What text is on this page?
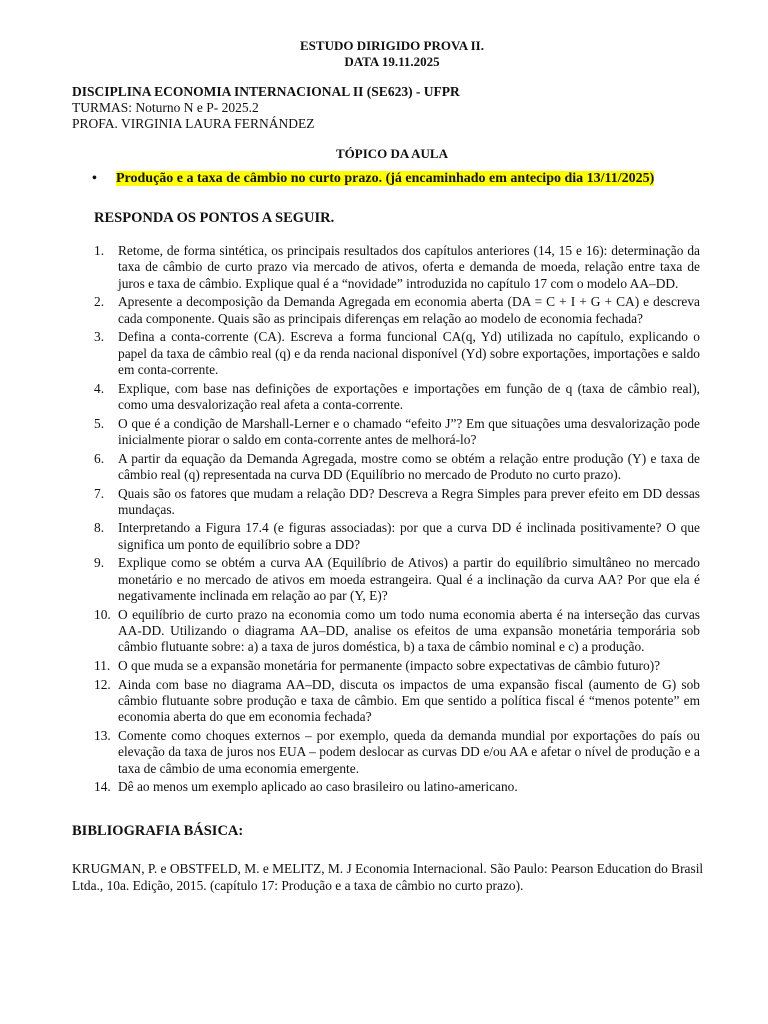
ESTUDO DIRIGIDO PROVA II.
DATA 19.11.2025
DISCIPLINA ECONOMIA INTERNACIONAL II (SE623) - UFPR
TURMAS: Noturno N e P- 2025.2
PROFA. VIRGINIA LAURA FERNÁNDEZ
TÓPICO DA AULA
• Produção e a taxa de câmbio no curto prazo. (já encaminhado em antecipo dia 13/11/2025)
RESPONDA OS PONTOS A SEGUIR.
1. Retome, de forma sintética, os principais resultados dos capítulos anteriores (14, 15 e 16): determinação da taxa de câmbio de curto prazo via mercado de ativos, oferta e demanda de moeda, relação entre taxa de juros e taxa de câmbio. Explique qual é a “novidade” introduzida no capítulo 17 com o modelo AA–DD.
2. Apresente a decomposição da Demanda Agregada em economia aberta (DA = C + I + G + CA) e descreva cada componente. Quais são as principais diferenças em relação ao modelo de economia fechada?
3. Defina a conta-corrente (CA). Escreva a forma funcional CA(q, Yd) utilizada no capítulo, explicando o papel da taxa de câmbio real (q) e da renda nacional disponível (Yd) sobre exportações, importações e saldo em conta-corrente.
4. Explique, com base nas definições de exportações e importações em função de q (taxa de câmbio real), como uma desvalorização real afeta a conta-corrente.
5. O que é a condição de Marshall-Lerner e o chamado “efeito J”? Em que situações uma desvalorização pode inicialmente piorar o saldo em conta-corrente antes de melhorá-lo?
6. A partir da equação da Demanda Agregada, mostre como se obtém a relação entre produção (Y) e taxa de câmbio real (q) representada na curva DD (Equilíbrio no mercado de Produto no curto prazo).
7. Quais são os fatores que mudam a relação DD? Descreva a Regra Simples para prever efeito em DD dessas mundaças.
8. Interpretando a Figura 17.4 (e figuras associadas): por que a curva DD é inclinada positivamente? O que significa um ponto de equilíbrio sobre a DD?
9. Explique como se obtém a curva AA (Equilíbrio de Ativos) a partir do equilíbrio simultâneo no mercado monetário e no mercado de ativos em moeda estrangeira. Qual é a inclinação da curva AA? Por que ela é negativamente inclinada em relação ao par (Y, E)?
10. O equilíbrio de curto prazo na economia como um todo numa economia aberta é na interseção das curvas AA-DD. Utilizando o diagrama AA–DD, analise os efeitos de uma expansão monetária temporária sob câmbio flutuante sobre: a) a taxa de juros doméstica, b) a taxa de câmbio nominal e c) a produção.
11. O que muda se a expansão monetária for permanente (impacto sobre expectativas de câmbio futuro)?
12. Ainda com base no diagrama AA–DD, discuta os impactos de uma expansão fiscal (aumento de G) sob câmbio flutuante sobre produção e taxa de câmbio. Em que sentido a política fiscal é “menos potente” em economia aberta do que em economia fechada?
13. Comente como choques externos – por exemplo, queda da demanda mundial por exportações do país ou elevação da taxa de juros nos EUA – podem deslocar as curvas DD e/ou AA e afetar o nível de produção e a taxa de câmbio de uma economia emergente.
14. Dê ao menos um exemplo aplicado ao caso brasileiro ou latino-americano.
BIBLIOGRAFIA BÁSICA:
KRUGMAN, P. e OBSTFELD, M. e MELITZ, M. J Economia Internacional. São Paulo: Pearson Education do Brasil Ltda., 10a. Edição, 2015. (capítulo 17: Produção e a taxa de câmbio no curto prazo).
